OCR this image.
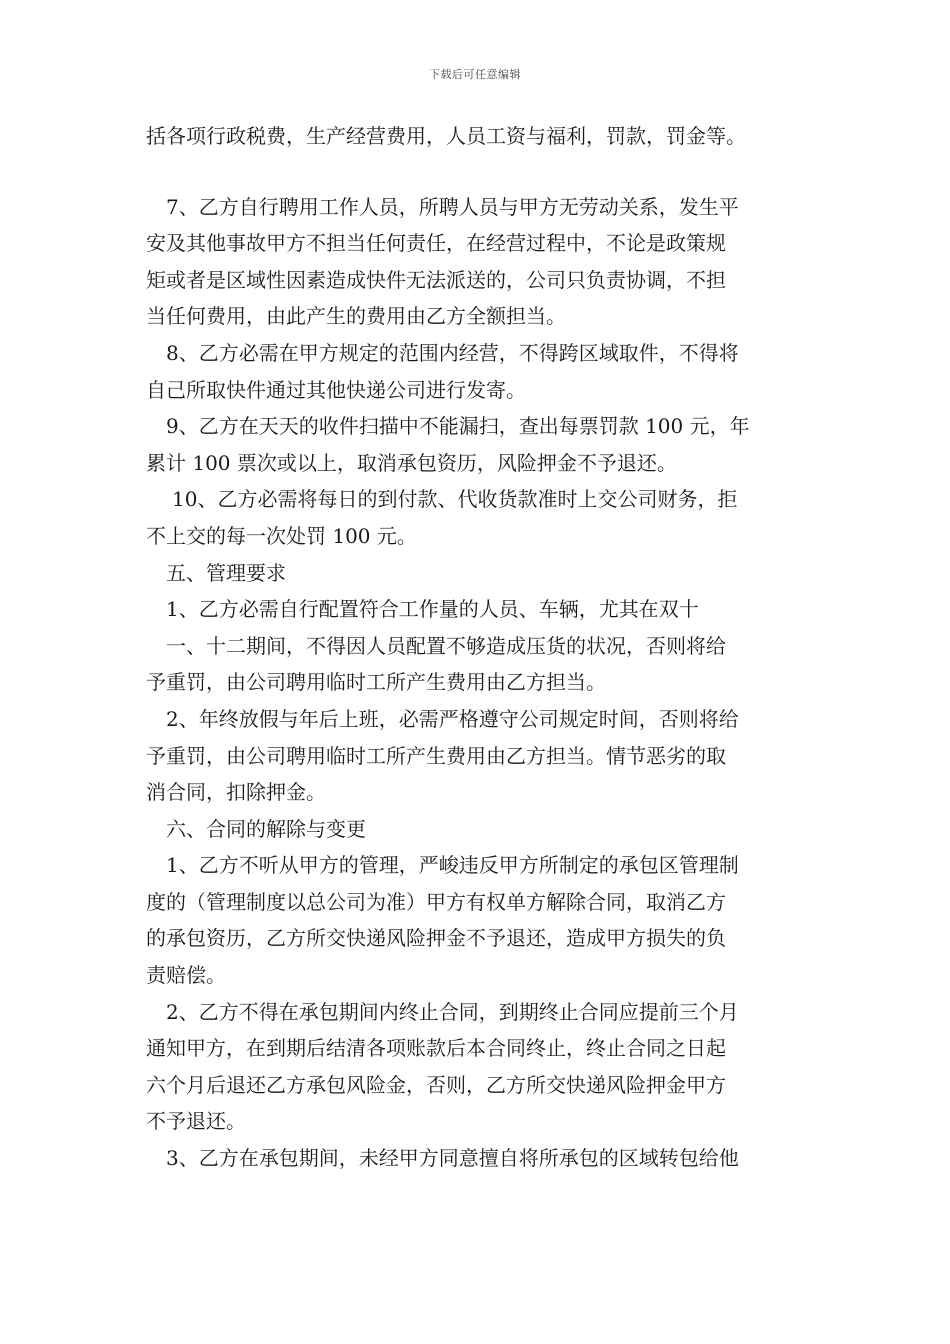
下载后可任意编辑
括各项行政税费，生产经营费用，人员工资与福利，罚款，罚金等。
7、乙方自行聘用工作人员，所聘人员与甲方无劳动关系，发生平
安及其他事故甲方不担当任何责任，在经营过程中，不论是政策规
矩或者是区域性因素造成快件无法派送的，公司只负责协调，不担
当任何费用，由此产生的费用由乙方全额担当。
8、乙方必需在甲方规定的范围内经营，不得跨区域取件，不得将
自己所取快件通过其他快递公司进行发寄。
9、乙方在天天的收件扫描中不能漏扫，查出每票罚款 100 元，年
累计 100 票次或以上，取消承包资历，风险押金不予退还。
10、乙方必需将每日的到付款、代收货款准时上交公司财务，拒
不上交的每一次处罚 100 元。
五、管理要求
1、乙方必需自行配置符合工作量的人员、车辆，尤其在双十
一、十二期间，不得因人员配置不够造成压货的状况，否则将给
予重罚，由公司聘用临时工所产生费用由乙方担当。
2、年终放假与年后上班，必需严格遵守公司规定时间，否则将给
予重罚，由公司聘用临时工所产生费用由乙方担当。情节恶劣的取
消合同，扣除押金。
六、合同的解除与变更
1、乙方不听从甲方的管理，严峻违反甲方所制定的承包区管理制
度的（管理制度以总公司为准）甲方有权单方解除合同，取消乙方
的承包资历，乙方所交快递风险押金不予退还，造成甲方损失的负
责赔偿。
2、乙方不得在承包期间内终止合同，到期终止合同应提前三个月
通知甲方，在到期后结清各项账款后本合同终止，终止合同之日起
六个月后退还乙方承包风险金，否则，乙方所交快递风险押金甲方
不予退还。
3、乙方在承包期间，未经甲方同意擅自将所承包的区域转包给他
